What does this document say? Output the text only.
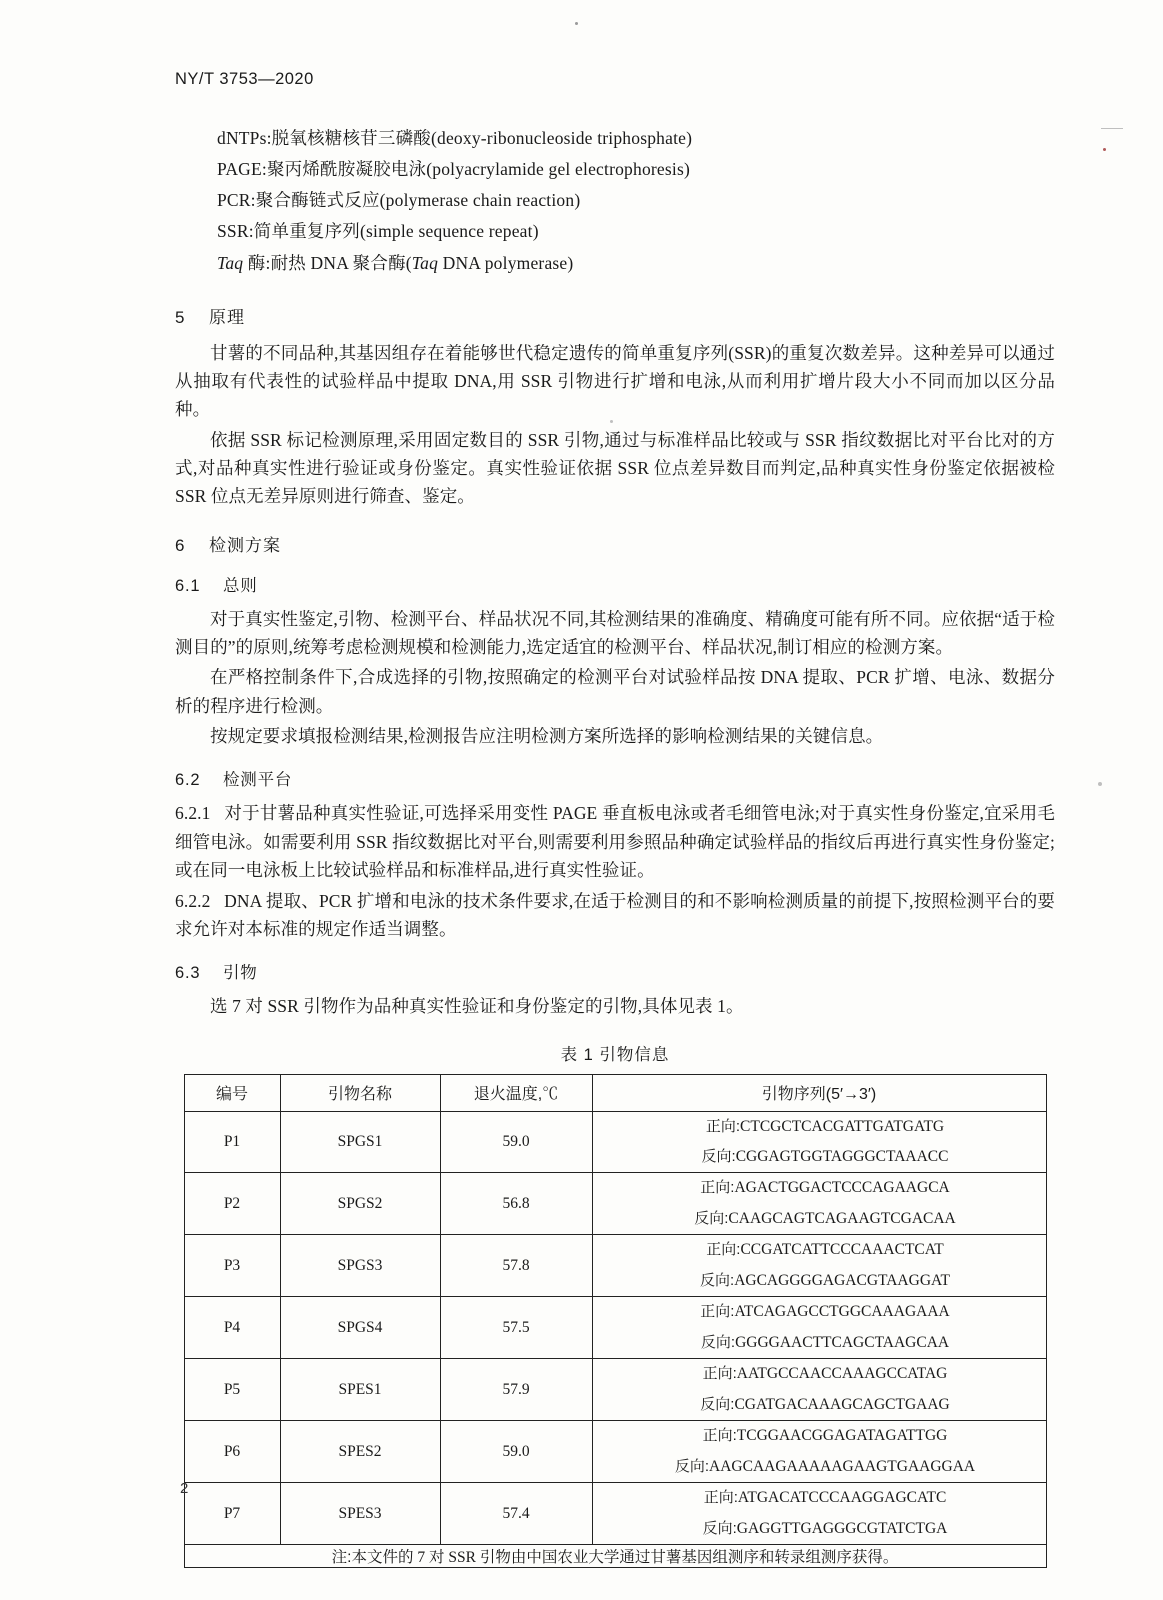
NY/T 3753—2020
dNTPs:脱氧核糖核苷三磷酸(deoxy-ribonucleoside triphosphate)
PAGE:聚丙烯酰胺凝胶电泳(polyacrylamide gel electrophoresis)
PCR:聚合酶链式反应(polymerase chain reaction)
SSR:简单重复序列(simple sequence repeat)
Taq 酶:耐热 DNA 聚合酶(Taq DNA polymerase)
5 原理

甘薯的不同品种,其基因组存在着能够世代稳定遗传的简单重复序列(SSR)的重复次数差异。这种差异可以通过从抽取有代表性的试验样品中提取 DNA,用 SSR 引物进行扩增和电泳,从而利用扩增片段大小不同而加以区分品种。

依据 SSR 标记检测原理,采用固定数目的 SSR 引物,通过与标准样品比较或与 SSR 指纹数据比对平台比对的方式,对品种真实性进行验证或身份鉴定。真实性验证依据 SSR 位点差异数目而判定,品种真实性身份鉴定依据被检 SSR 位点无差异原则进行筛查、鉴定。

6 检测方案
6.1 总则

对于真实性鉴定,引物、检测平台、样品状况不同,其检测结果的准确度、精确度可能有所不同。应依据“适于检测目的”的原则,统筹考虑检测规模和检测能力,选定适宜的检测平台、样品状况,制订相应的检测方案。

在严格控制条件下,合成选择的引物,按照确定的检测平台对试验样品按 DNA 提取、PCR 扩增、电泳、数据分析的程序进行检测。

按规定要求填报检测结果,检测报告应注明检测方案所选择的影响检测结果的关键信息。

6.2 检测平台

6.2.1 对于甘薯品种真实性验证,可选择采用变性 PAGE 垂直板电泳或者毛细管电泳;对于真实性身份鉴定,宜采用毛细管电泳。如需要利用 SSR 指纹数据比对平台,则需要利用参照品种确定试验样品的指纹后再进行真实性身份鉴定;或在同一电泳板上比较试验样品和标准样品,进行真实性验证。

6.2.2 DNA 提取、PCR 扩增和电泳的技术条件要求,在适于检测目的和不影响检测质量的前提下,按照检测平台的要求允许对本标准的规定作适当调整。

6.3 引物

选 7 对 SSR 引物作为品种真实性验证和身份鉴定的引物,具体见表 1。

表 1 引物信息
编号	引物名称	退火温度,℃	引物序列(5′→3′)
P1	SPGS1	59.0	正向:CTCGCTCACGATTGATGATG
反向:CGGAGTGGTAGGGCTAAACC

P2	SPGS2	56.8	正向:AGACTGGACTCCCAGAAGCA
反向:CAAGCAGTCAGAAGTCGACAA

P3	SPGS3	57.8	正向:CCGATCATTCCCAAACTCAT
反向:AGCAGGGGAGACGTAAGGAT

P4	SPGS4	57.5	正向:ATCAGAGCCTGGCAAAGAAA
反向:GGGGAACTTCAGCTAAGCAA

P5	SPES1	57.9	正向:AATGCCAACCAAAGCCATAG
反向:CGATGACAAAGCAGCTGAAG

P6	SPES2	59.0	正向:TCGGAACGGAGATAGATTGG
反向:AAGCAAGAAAAAGAAGTGAAGGAA

P7	SPES3	57.4	正向:ATGACATCCCAAGGAGCATC
反向:GAGGTTGAGGGCGTATCTGA

注:本文件的 7 对 SSR 引物由中国农业大学通过甘薯基因组测序和转录组测序获得。			
2
